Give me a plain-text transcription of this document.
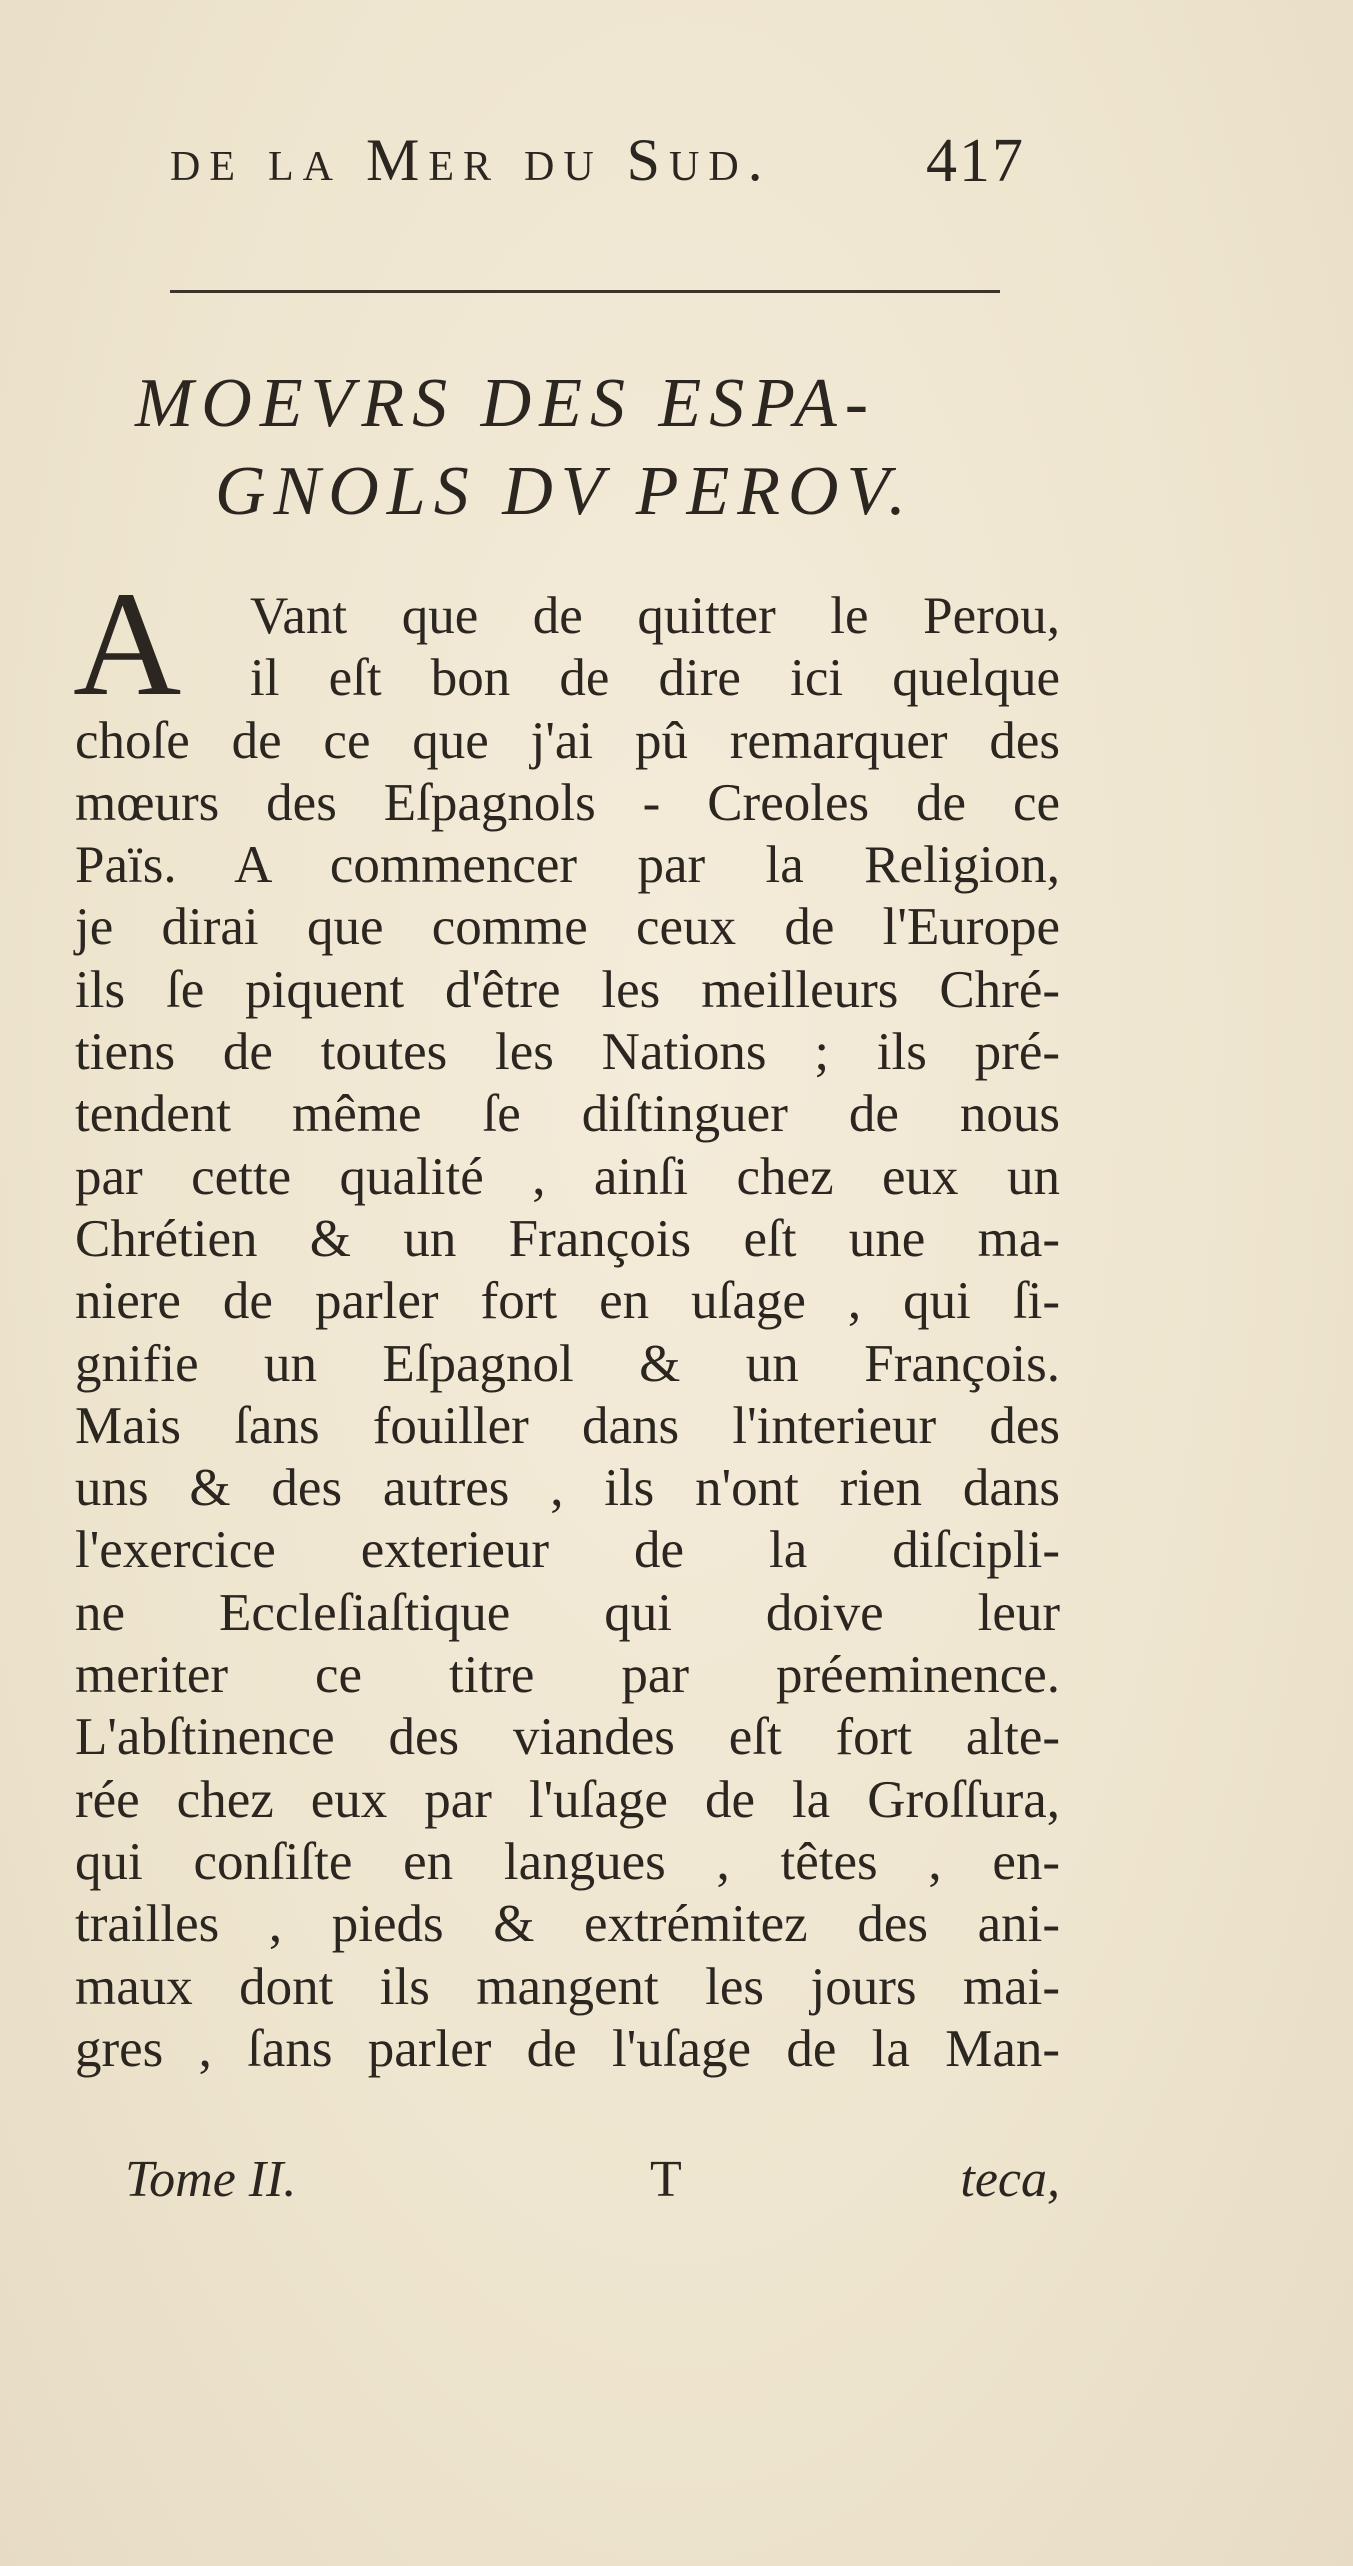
de la Mer du Sud. 417
MOEVRS DES ESPA-
GNOLS DV PEROV.
A	Vant que de quitter le Perou,
il eſt bon de dire ici quelque
choſe de ce que j'ai pû remarquer des
mœurs des Eſpagnols - Creoles de ce
Païs. A commencer par la Religion,
je dirai que comme ceux de l'Europe
ils ſe piquent d'être les meilleurs Chré-
tiens de toutes les Nations ; ils pré-
tendent même ſe diſtinguer de nous
par cette qualité , ainſi chez eux un
Chrétien & un François eſt une ma-
niere de parler fort en uſage , qui ſi-
gnifie un Eſpagnol & un François.
Mais ſans fouiller dans l'interieur des
uns & des autres , ils n'ont rien dans
l'exercice exterieur de la diſcipli-
ne Eccleſiaſtique qui doive leur
meriter ce titre par préeminence.
L'abſtinence des viandes eſt fort alte-
rée chez eux par l'uſage de la Groſſura,
qui conſiſte en langues , têtes , en-
trailles , pieds & extrémitez des ani-
maux dont ils mangent les jours mai-
gres , ſans parler de l'uſage de la Man-
Tome II.	T	teca,
